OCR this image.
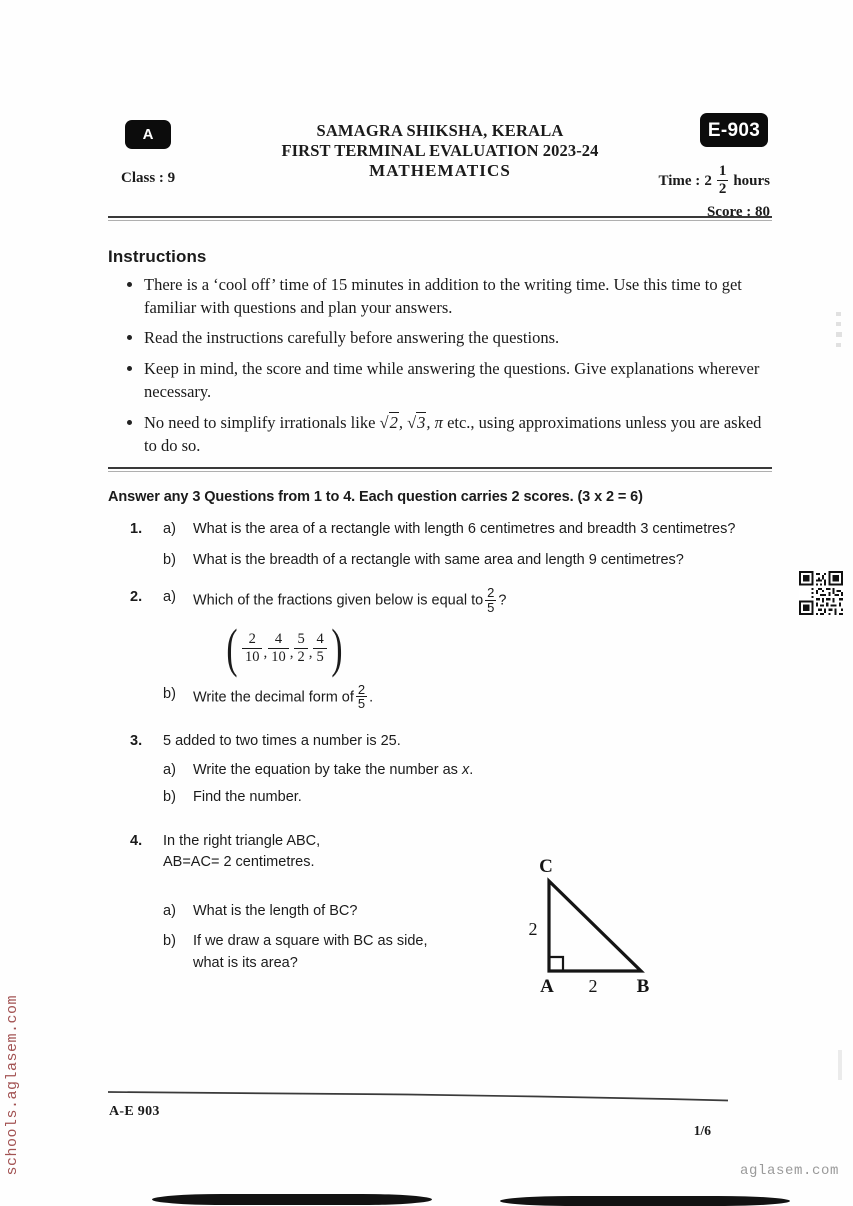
A	E-903
Class : 9
SAMAGRA SHIKSHA, KERALA
FIRST TERMINAL EVALUATION 2023-24
MATHEMATICS
Time : $2 \frac{1}{2}$ hours
Score : 80
Instructions
There is a ‘cool off’ time of 15 minutes in addition to the writing time. Use this time to get familiar with questions and plan your answers.
Read the instructions carefully before answering the questions.
Keep in mind, the score and time while answering the questions. Give explanations wherever necessary.
No need to simplify irrationals like √2, √3, π etc., using approximations unless you are asked to do so.
Answer any 3 Questions from 1 to 4. Each question carries 2 scores. (3 x 2 = 6)
1. a) What is the area of a rectangle with length 6 centimetres and breadth 3 centimetres?
b) What is the breadth of a rectangle with same area and length 9 centimetres?
2. a) Which of the fractions given below is equal to $\frac{2}{5}$ ?
( $\frac{2}{10}$ , $\frac{4}{10}$ , $\frac{5}{2}$ , $\frac{4}{5}$ )
b) Write the decimal form of $\frac{2}{5}$ .
3. 5 added to two times a number is 25.
a) Write the equation by take the number as x.
b) Find the number.
4. In the right triangle ABC,
AB=AC= 2 centimetres.
a) What is the length of BC?
b) If we draw a square with BC as side, what is its area?
C
A	B
2
2
A-E 903
1/6
schools.aglasem.com	aglasem.com
